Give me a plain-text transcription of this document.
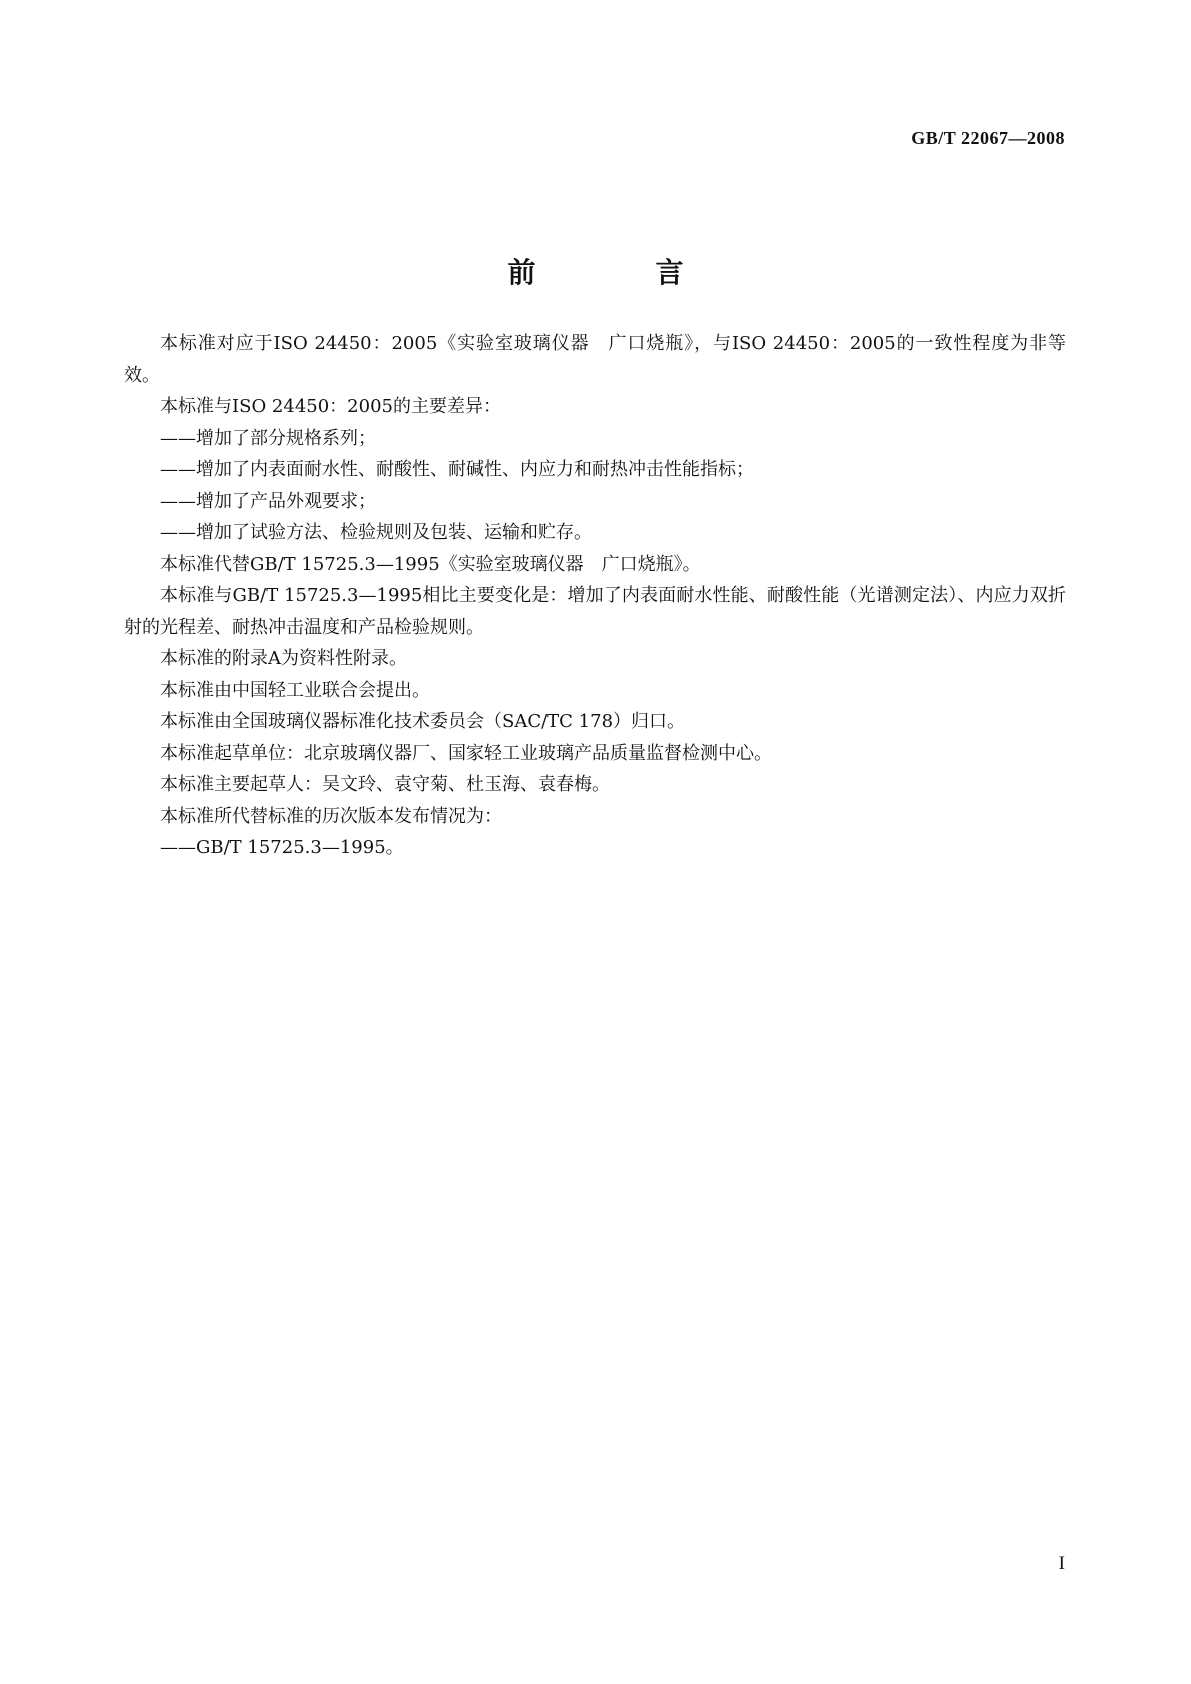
GB/T 22067—2008
前　言

本标准对应于ISO 24450：2005《实验室玻璃仪器　广口烧瓶》，与ISO 24450：2005的一致性程度为非等效。

本标准与ISO 24450：2005的主要差异：

——增加了部分规格系列；

——增加了内表面耐水性、耐酸性、耐碱性、内应力和耐热冲击性能指标；

——增加了产品外观要求；

——增加了试验方法、检验规则及包装、运输和贮存。

本标准代替GB/T 15725.3—1995《实验室玻璃仪器　广口烧瓶》。

本标准与GB/T 15725.3—1995相比主要变化是：增加了内表面耐水性能、耐酸性能（光谱测定法）、内应力双折射的光程差、耐热冲击温度和产品检验规则。

本标准的附录A为资料性附录。

本标准由中国轻工业联合会提出。

本标准由全国玻璃仪器标准化技术委员会（SAC/TC 178）归口。

本标准起草单位：北京玻璃仪器厂、国家轻工业玻璃产品质量监督检测中心。

本标准主要起草人：吴文玲、袁守菊、杜玉海、袁春梅。

本标准所代替标准的历次版本发布情况为：

——GB/T 15725.3—1995。

I
